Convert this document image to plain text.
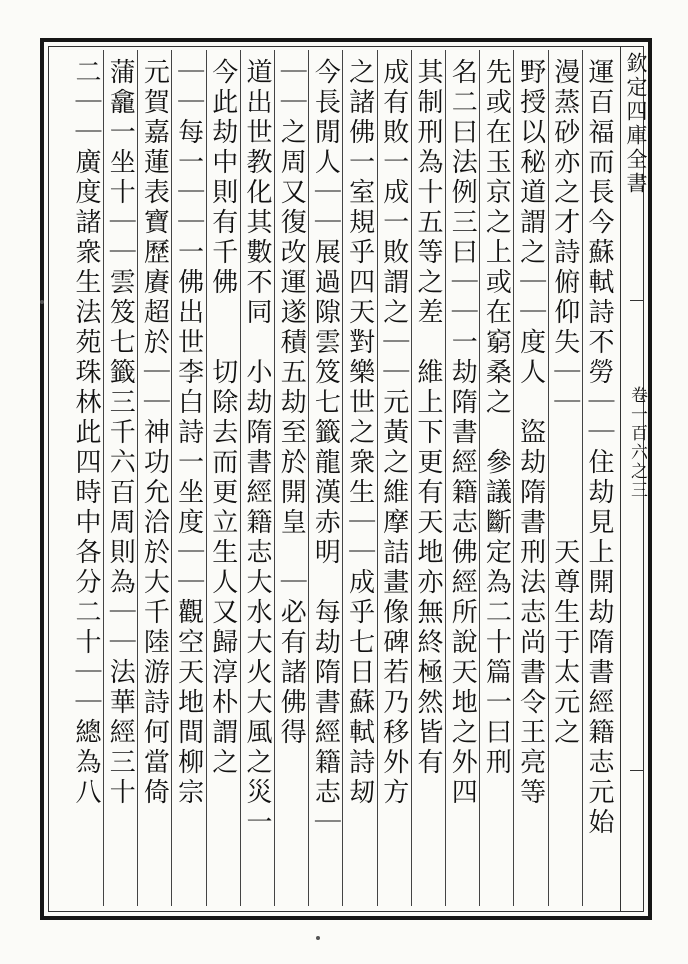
欽定四庫全書
卷一百六之三
運百福而長今蘇軾詩不勞｜｜住劫見上開劫隋書經籍志元始
漫蒸砂亦之才詩俯仰失｜｜　　　　天尊生于太元之
野授以秘道謂之｜｜度人　盜劫隋書刑法志尚書令王亮等
先或在玉京之上或在窮桑之　參議斷定為二十篇一曰刑
名二曰法例三曰｜｜一劫隋書經籍志佛經所說天地之外四
其制刑為十五等之差　維上下更有天地亦無終極然皆有
成有敗一成一敗謂之｜｜元黃之維摩詰畫像碑若乃移外方
之諸佛一室規乎四天對樂世之衆生｜｜成乎七日蘇軾詩刼
今長閒人｜｜展過隙雲笈七籤龍漢赤明　每劫隋書經籍志｜
｜｜之周又復改運遂積五劫至於開皇　｜必有諸佛得
道出世教化其數不同　小劫隋書經籍志大水大火大風之災一
今此劫中則有千佛　　切除去而更立生人又歸淳朴謂之
｜｜每一｜｜一佛出世李白詩一坐度｜｜觀空天地間柳宗
元賀嘉蓮表寶歷賡超於｜｜神功允洽於大千陸游詩何當倚
蒲龕一坐十｜｜雲笈七籤三千六百周則為｜｜法華經三十
二｜｜廣度諸衆生法苑珠林此四時中各分二十｜｜總為八
